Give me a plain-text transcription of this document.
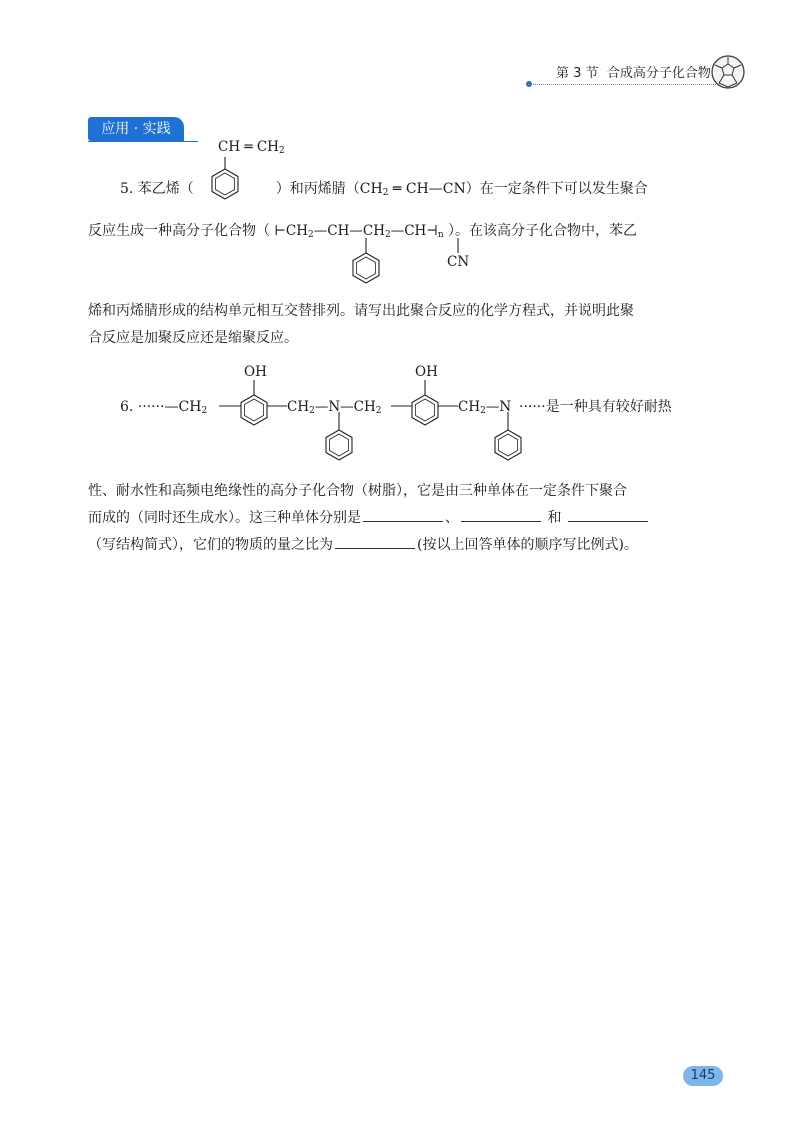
第 3 节 合成高分子化合物
应用 · 实践
CH ═ $CH_2$
5. 苯乙烯（	）和丙烯腈（$CH_2$ ═ CH—CN）在一定条件下可以发生聚合
反应生成一种高分子化合物（ $⊢CH_2—CH—CH_2—CH⊣_n$ ）。在该高分子化合物中，苯乙
CN
烯和丙烯腈形成的结构单元相互交替排列。请写出此聚合反应的化学方程式，并说明此聚
合反应是加聚反应还是缩聚反应。
OH	OH
6. $\cdot\cdot\cdot\cdot\cdot\cdot—CH_2$	$CH_2—N—CH_2$	$CH_2—N$ ······是一种具有较好耐热
性、耐水性和高频电绝缘性的高分子化合物（树脂），它是由三种单体在一定条件下聚合
而成的（同时还生成水）。这三种单体分别是	、	和
（写结构简式），它们的物质的量之比为	(按以上回答单体的顺序写比例式)。
145
